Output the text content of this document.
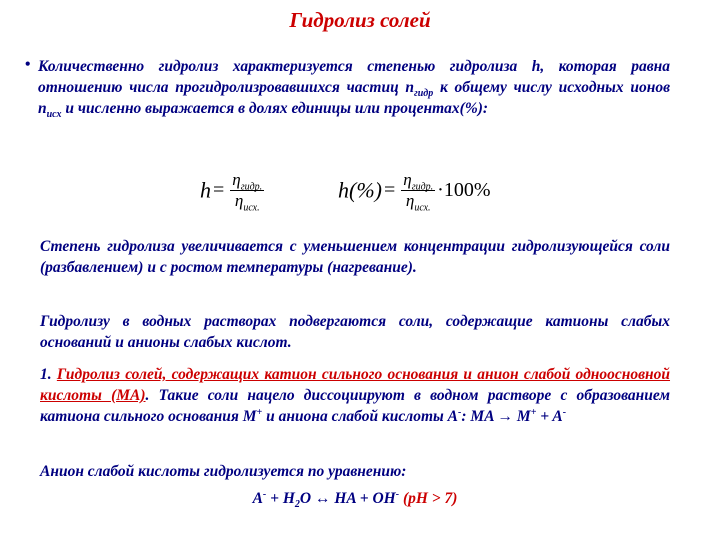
Гидролиз солей
• Количественно гидролиз характеризуется степенью гидролиза h, которая равна отношению числа прогидролизровавшихся частиц $n_{гидр}$ к общему числу исходных ионов $n_{исх}$ и численно выражается в долях единицы или процентах(%):
$h = \frac{\eta_{гидр.}}{\eta_{исх.}}$	$h(\%) = \frac{\eta_{гидр.}}{\eta_{исх.}} \cdot 100\%$
Степень гидролиза увеличивается с уменьшением концентрации гидролизующейся соли (разбавлением) и с ростом температуры (нагревание).
Гидролизу в водных растворах подвергаются соли, содержащие катионы слабых оснований и анионы слабых кислот.
1. Гидролиз солей, содержащих катион сильного основания и анион слабой одноосновной кислоты (MA). Такие соли нацело диссоциируют в водном растворе с образованием катиона сильного основания M+ и аниона слабой кислоты A-: MA → M+ + A-
Анион слабой кислоты гидролизуется по уравнению:
$A^- + H_2O$ ↔ HA + OH- (pH > 7)
